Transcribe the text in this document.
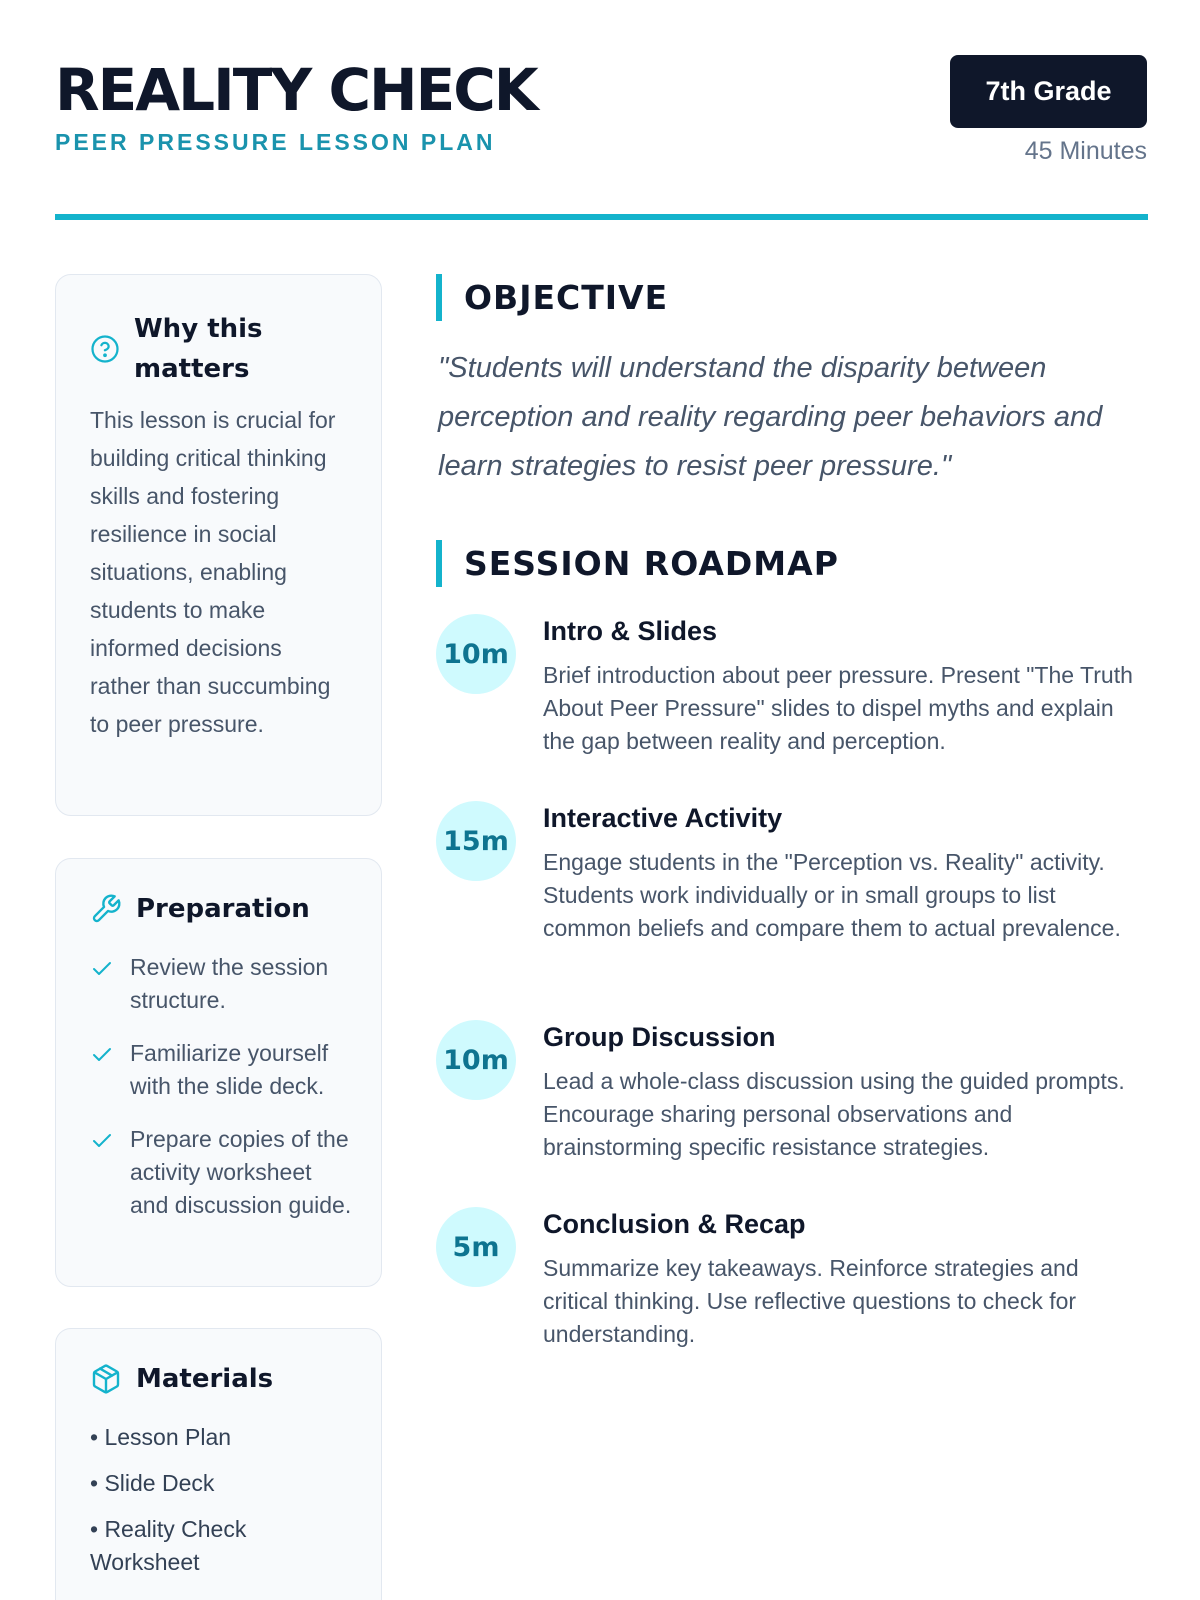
REALITY CHECK
PEER PRESSURE LESSON PLAN
7th Grade
45 Minutes
Why this matters

This lesson is crucial for building critical thinking skills and fostering resilience in social situations, enabling students to make informed decisions rather than succumbing to peer pressure.

Preparation
Review the session structure.
Familiarize yourself with the slide deck.
Prepare copies of the activity worksheet and discussion guide.
Materials
• Lesson Plan
• Slide Deck
• Reality Check Worksheet
OBJECTIVE

"Students will understand the disparity between perception and reality regarding peer behaviors and learn strategies to resist peer pressure."

SESSION ROADMAP
10m
Intro & Slides

Brief introduction about peer pressure. Present "The Truth About Peer Pressure" slides to dispel myths and explain the gap between reality and perception.

15m
Interactive Activity

Engage students in the "Perception vs. Reality" activity. Students work individually or in small groups to list common beliefs and compare them to actual prevalence.

10m
Group Discussion

Lead a whole-class discussion using the guided prompts. Encourage sharing personal observations and brainstorming specific resistance strategies.

5m
Conclusion & Recap

Summarize key takeaways. Reinforce strategies and critical thinking. Use reflective questions to check for understanding.
